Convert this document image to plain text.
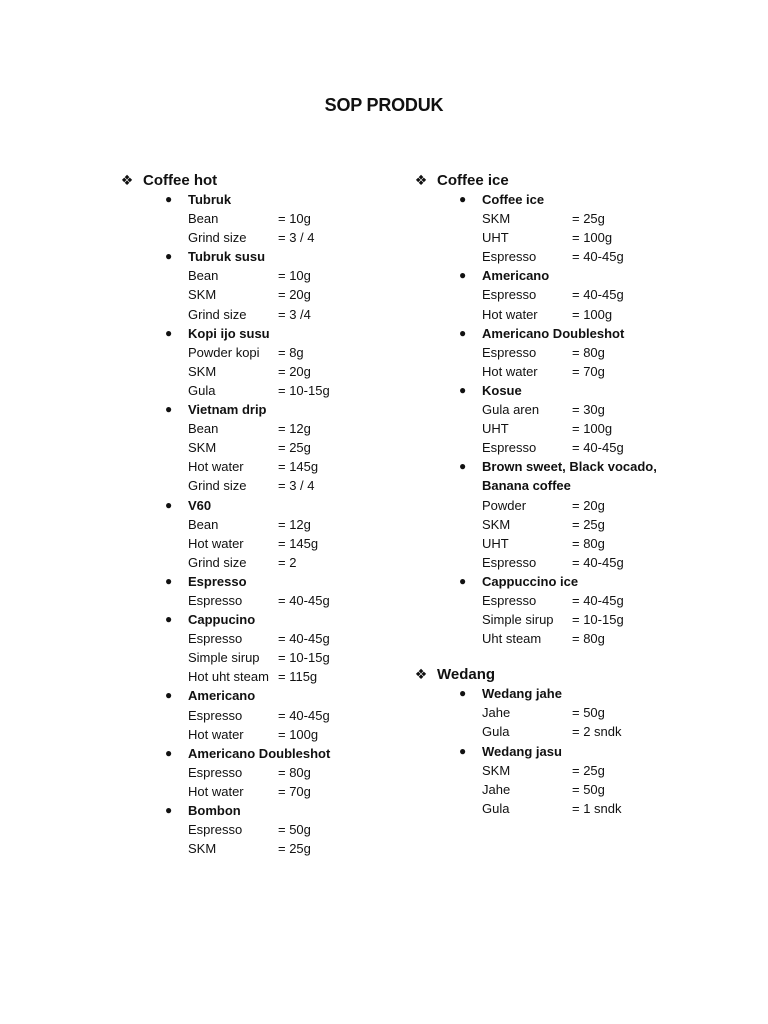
SOP PRODUK
❖ Coffee hot
● Tubruk
Bean	= 10g
Grind size	= 3 / 4
● Tubruk susu
Bean	= 10g
SKM	= 20g
Grind size	= 3 /4
● Kopi ijo susu
Powder kopi	= 8g
SKM	= 20g
Gula	= 10-15g
● Vietnam drip
Bean	= 12g
SKM	= 25g
Hot water	= 145g
Grind size	= 3 / 4
● V60
Bean	= 12g
Hot water	= 145g
Grind size	= 2
● Espresso
Espresso	= 40-45g
● Cappucino
Espresso	= 40-45g
Simple sirup	= 10-15g
Hot uht steam = 115g
● Americano
Espresso	= 40-45g
Hot water	= 100g
● Americano Doubleshot
Espresso	= 80g
Hot water	= 70g
● Bombon
Espresso	= 50g
SKM	= 25g
❖ Coffee ice
● Coffee ice
SKM	= 25g
UHT	= 100g
Espresso	= 40-45g
● Americano
Espresso	= 40-45g
Hot water	= 100g
● Americano Doubleshot
Espresso	= 80g
Hot water	= 70g
● Kosue
Gula aren	= 30g
UHT	= 100g
Espresso	= 40-45g
● Brown sweet, Black vocado, Banana coffee
Powder	= 20g
SKM	= 25g
UHT	= 80g
Espresso	= 40-45g
● Cappuccino ice
Espresso	= 40-45g
Simple sirup	= 10-15g
Uht steam	= 80g
❖ Wedang
● Wedang jahe
Jahe	= 50g
Gula	= 2 sndk
● Wedang jasu
SKM	= 25g
Jahe	= 50g
Gula	= 1 sndk
